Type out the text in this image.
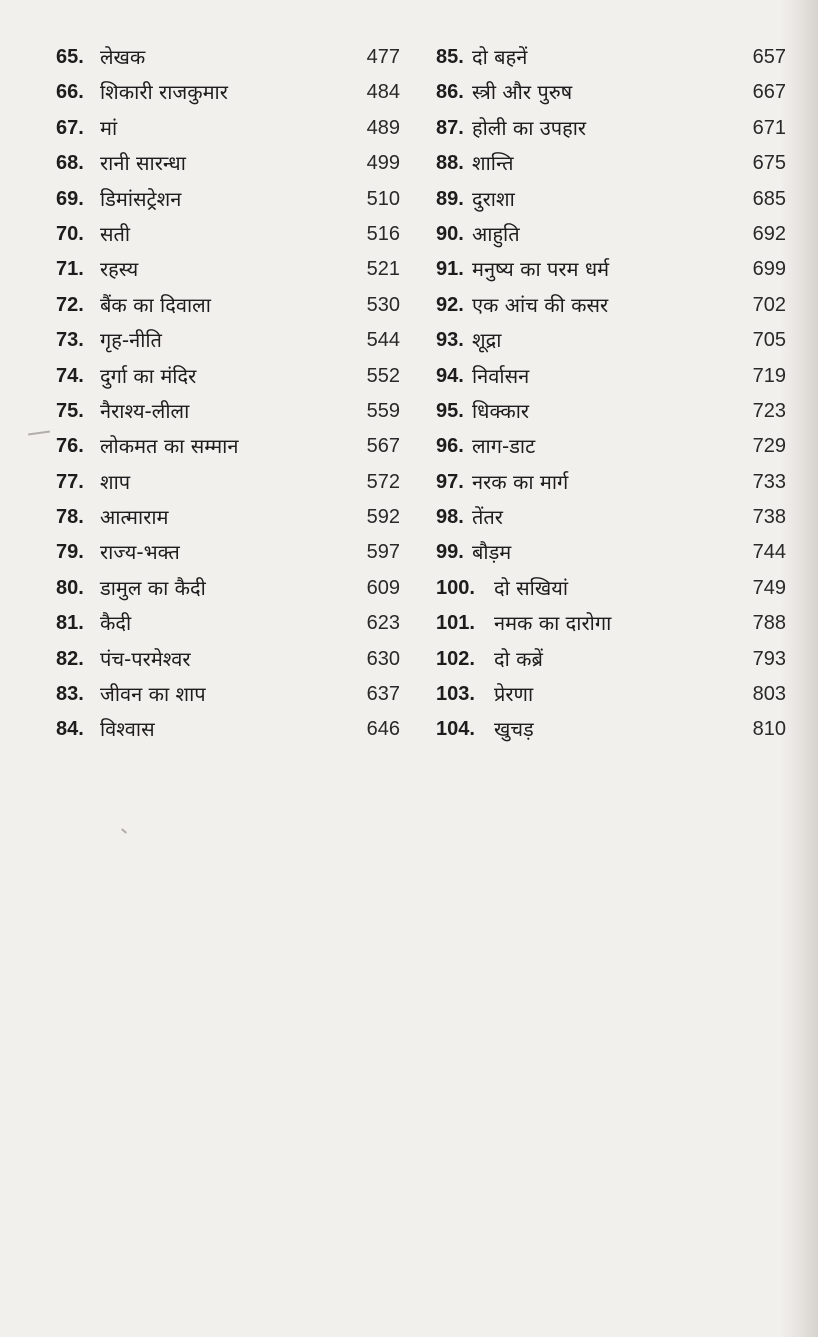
65. लेखक	477
66. शिकारी राजकुमार	484
67. मां	489
68. रानी सारन्धा	499
69. डिमांसट्रेशन	510
70. सती	516
71. रहस्य	521
72. बैंक का दिवाला	530
73. गृह-नीति	544
74. दुर्गा का मंदिर	552
75. नैराश्य-लीला	559
76. लोकमत का सम्मान	567
77. शाप	572
78. आत्माराम	592
79. राज्य-भक्त	597
80. डामुल का कैदी	609
81. कैदी	623
82. पंच-परमेश्वर	630
83. जीवन का शाप	637
84. विश्वास	646
85. दो बहनें	657
86. स्त्री और पुरुष	667
87. होली का उपहार	671
88. शान्ति	675
89. दुराशा	685
90. आहुति	692
91. मनुष्य का परम धर्म	699
92. एक आंच की कसर	702
93. शूद्रा	705
94. निर्वासन	719
95. धिक्कार	723
96. लाग-डाट	729
97. नरक का मार्ग	733
98. तेंतर	738
99. बौड़म	744
100. दो सखियां	749
101. नमक का दारोगा	788
102. दो कब्रें	793
103. प्रेरणा	803
104. खुचड़	810
